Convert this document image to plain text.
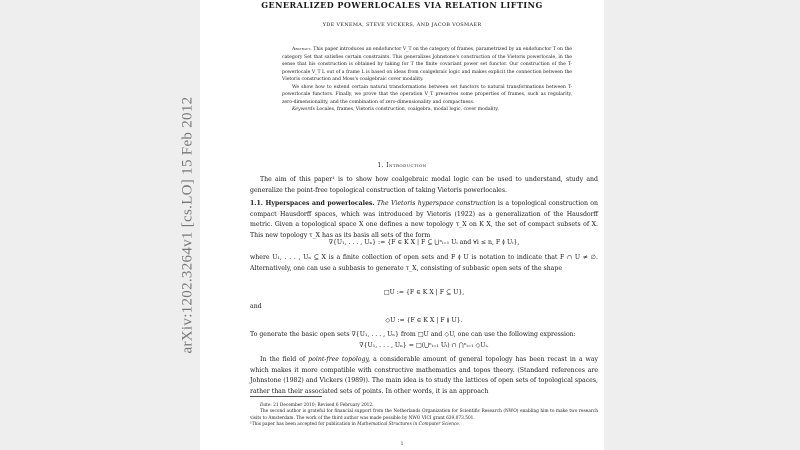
arXiv:1202.3264v1 [cs.LO] 15 Feb 2012
GENERALIZED POWERLOCALES VIA RELATION LIFTING
YDE VENEMA, STEVE VICKERS, AND JACOB VOSMAER

Abstract. This paper introduces an endofunctor V_T on the category of frames, parametrized by an endofunctor T on the category Set that satisfies certain constraints. This generalizes Johnstone's construction of the Vietoris powerlocale, in the sense that his construction is obtained by taking for T the finite covariant power set functor. Our construction of the T-powerlocale V_T L out of a frame L is based on ideas from coalgebraic logic and makes explicit the connection between the Vietoris construction and Moss's coalgebraic cover modality.

We show how to extend certain natural transformations between set functors to natural transformations between T-powerlocale functors. Finally, we prove that the operation V_T preserves some properties of frames, such as regularity, zero-dimensionality, and the combination of zero-dimensionality and compactness.

Keywords Locales, frames, Vietoris construction, coalgebra, modal logic, cover modality.

1. Introduction

The aim of this paper¹ is to show how coalgebraic modal logic can be used to understand, study and generalize the point-free topological construction of taking Vietoris powerlocales.

1.1. Hyperspaces and powerlocales. The Vietoris hyperspace construction is a topological construction on compact Hausdorff spaces, which was introduced by Vietoris (1922) as a generalization of the Hausdorff metric. Given a topological space X one defines a new topology τ_X on K X, the set of compact subsets of X. This new topology τ_X has as its basis all sets of the form

∇{U₁, . . . , Uₙ} := {F ∈ K X | F ⊆ ⋃ⁿᵢ₌₁ Uᵢ and ∀i ≤ n, F ≬ Uᵢ},

where U₁, . . . , Uₙ ⊆ X is a finite collection of open sets and F ≬ U is notation to indicate that F ∩ U ≠ ∅. Alternatively, one can use a subbasis to generate τ_X, consisting of subbasic open sets of the shape

□U := {F ∈ K X | F ⊆ U},
and
◇U := {F ∈ K X | F ≬ U}.

To generate the basic open sets ∇{U₁, . . . , Uₙ} from □U and ◇U, one can use the following expression:

∇{U₁, . . . , Uₙ} = □(⋃ⁿᵢ₌₁ Uᵢ) ∩ ⋂ⁿᵢ₌₁ ◇Uᵢ.

In the field of point-free topology, a considerable amount of general topology has been recast in a way which makes it more compatible with constructive mathematics and topos theory. (Standard references are Johnstone (1982) and Vickers (1989)). The main idea is to study the lattices of open sets of topological spaces, rather than their associated sets of points. In other words, it is an approach

Date: 21 December 2010; Revised 6 February 2012.

The second author is grateful for financial support from the Netherlands Organization for Scientific Research (NWO) enabling him to make two research visits to Amsterdam. The work of the third author was made possible by NWO VICI grant 639.073.501.

¹This paper has been accepted for publication in Mathematical Structures in Computer Science.

1
